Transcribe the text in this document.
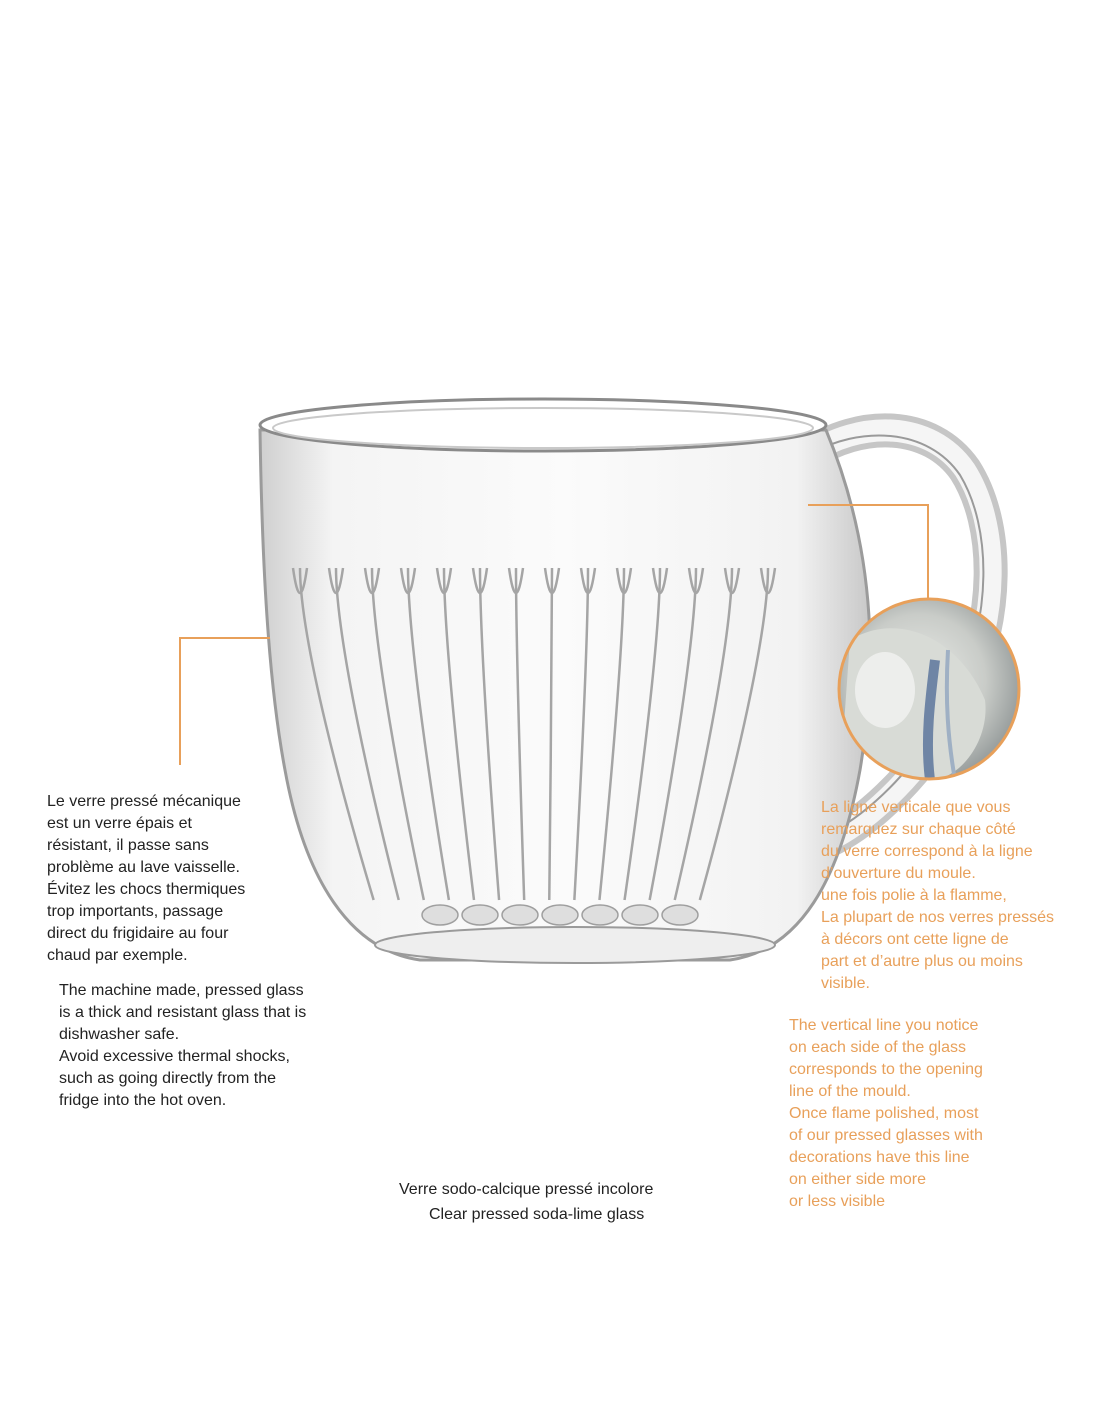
Le verre pressé mécanique
est un verre épais et
résistant, il passe sans
problème au lave vaisselle.
Évitez les chocs thermiques
trop importants, passage
direct du frigidaire au four
chaud par exemple.
The machine made, pressed glass
is a thick and resistant glass that is
dishwasher safe.
Avoid excessive thermal shocks,
such as going directly from the
fridge into the hot oven.
La ligne verticale que vous
remarquez sur chaque côté
du verre correspond à la ligne
d’ouverture du moule.
une fois polie à la flamme,
La plupart de nos verres pressés
à décors ont cette ligne de
part et d’autre plus ou moins
visible.
The vertical line you notice
on each side of the glass
corresponds to the opening
line of the mould.
Once flame polished, most
of our pressed glasses with
decorations have this line
on either side more
or less visible
Verre sodo-calcique pressé incolore
Clear pressed soda-lime glass
